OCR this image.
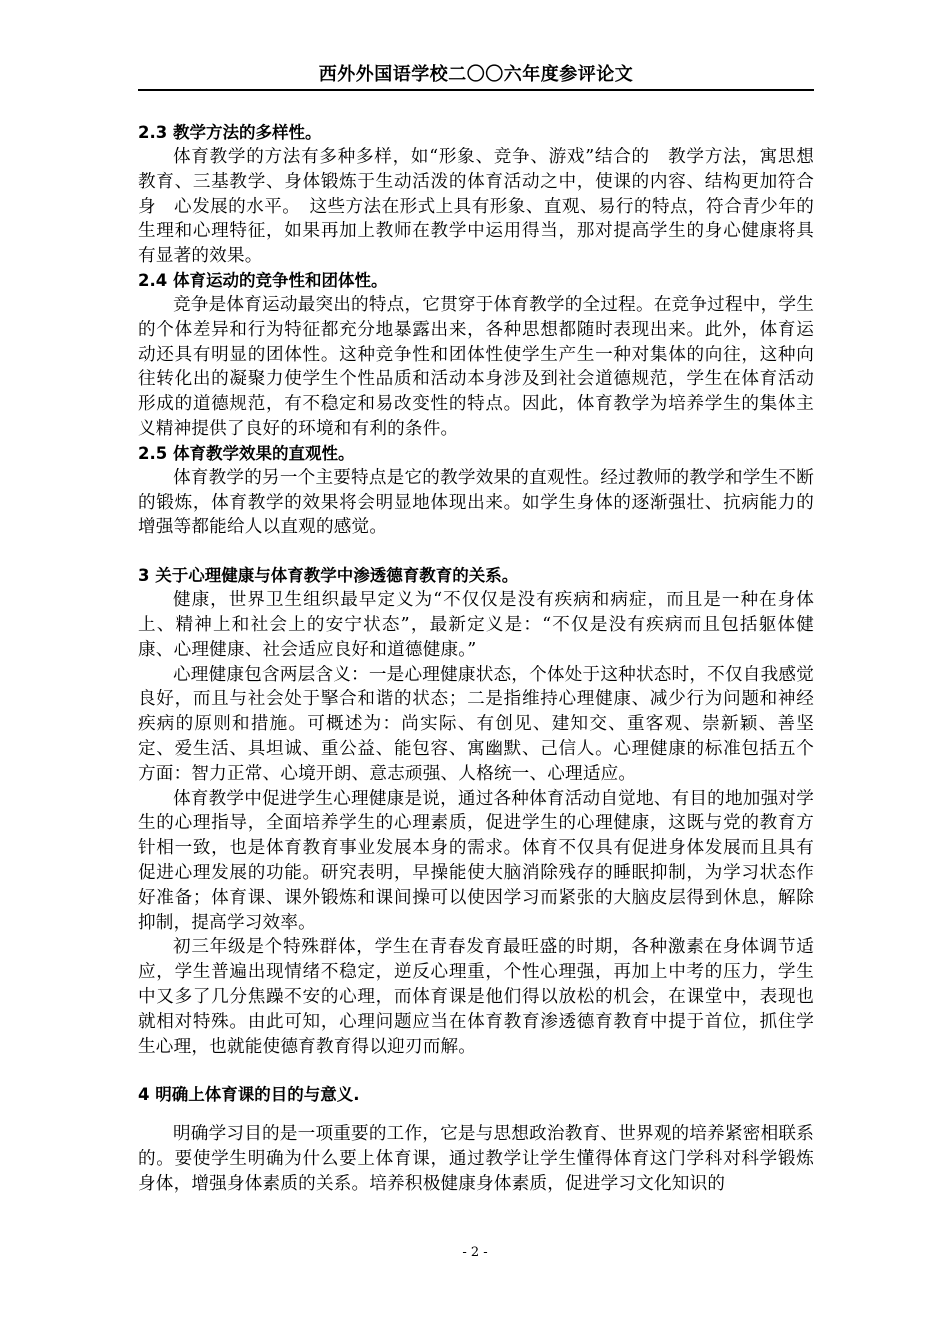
西外外国语学校二〇〇六年度参评论文
2.3 教学方法的多样性。

体育教学的方法有多种多样，如“形象、竞争、游戏”结合的　教学方法，寓思想教育、三基教学、身体锻炼于生动活泼的体育活动之中，使课的内容、结构更加符合身　心发展的水平。　这些方法在形式上具有形象、直观、易行的特点，符合青少年的生理和心理特征，如果再加上教师在教学中运用得当，那对提高学生的身心健康将具有显著的效果。

2.4 体育运动的竞争性和团体性。

竞争是体育运动最突出的特点，它贯穿于体育教学的全过程。在竞争过程中，学生的个体差异和行为特征都充分地暴露出来，各种思想都随时表现出来。此外，体育运动还具有明显的团体性。这种竞争性和团体性使学生产生一种对集体的向往，这种向往转化出的凝聚力使学生个性品质和活动本身涉及到社会道德规范，学生在体育活动形成的道德规范，有不稳定和易改变性的特点。因此，体育教学为培养学生的集体主义精神提供了良好的环境和有利的条件。

2.5 体育教学效果的直观性。

体育教学的另一个主要特点是它的教学效果的直观性。经过教师的教学和学生不断的锻炼，体育教学的效果将会明显地体现出来。如学生身体的逐渐强壮、抗病能力的增强等都能给人以直观的感觉。

3 关于心理健康与体育教学中渗透德育教育的关系。

健康，世界卫生组织最早定义为“不仅仅是没有疾病和病症，而且是一种在身体上、精神上和社会上的安宁状态”，最新定义是：“不仅是没有疾病而且包括躯体健康、心理健康、社会适应良好和道德健康。”

心理健康包含两层含义：一是心理健康状态，个体处于这种状态时，不仅自我感觉良好，而且与社会处于掔合和谐的状态；二是指维持心理健康、减少行为问题和神经疾病的原则和措施。可概述为：尚实际、有创见、建知交、重客观、崇新颖、善坚定、爱生活、具坦诚、重公益、能包容、寓幽默、己信人。心理健康的标准包括五个方面：智力正常、心境开朗、意志顽强、人格统一、心理适应。

体育教学中促进学生心理健康是说，通过各种体育活动自觉地、有目的地加强对学生的心理指导，全面培养学生的心理素质，促进学生的心理健康，这既与党的教育方针相一致，也是体育教育事业发展本身的需求。体育不仅具有促进身体发展而且具有促进心理发展的功能。研究表明，早操能使大脑消除残存的睡眠抑制，为学习状态作好准备；体育课、课外锻炼和课间操可以使因学习而紧张的大脑皮层得到休息，解除抑制，提高学习效率。

初三年级是个特殊群体，学生在青春发育最旺盛的时期，各种激素在身体调节适应，学生普遍出现情绪不稳定，逆反心理重，个性心理强，再加上中考的压力，学生中又多了几分焦躁不安的心理，而体育课是他们得以放松的机会，在课堂中，表现也就相对特殊。由此可知，心理问题应当在体育教育渗透德育教育中提于首位，抓住学生心理，也就能使德育教育得以迎刃而解。

4 明确上体育课的目的与意义.

明确学习目的是一项重要的工作，它是与思想政治教育、世界观的培养紧密相联系的。要使学生明确为什么要上体育课，通过教学让学生懂得体育这门学科对科学锻炼身体，增强身体素质的关系。培养积极健康身体素质，促进学习文化知识的

- 2 -
